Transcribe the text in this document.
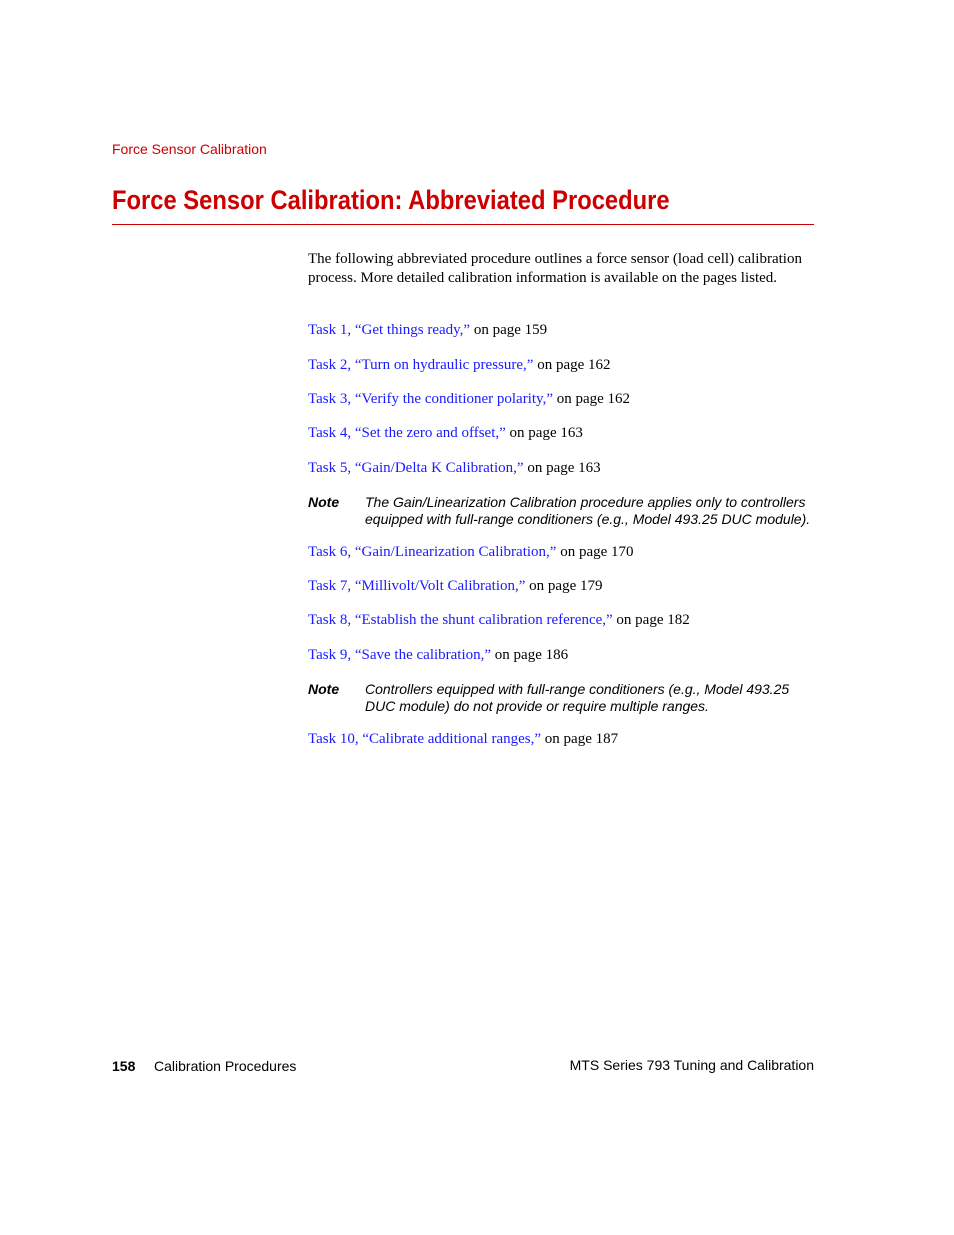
Force Sensor Calibration
Force Sensor Calibration: Abbreviated Procedure

The following abbreviated procedure outlines a force sensor (load cell) calibration process. More detailed calibration information is available on the pages listed.

Task 1, “Get things ready,” on page 159
Task 2, “Turn on hydraulic pressure,” on page 162
Task 3, “Verify the conditioner polarity,” on page 162
Task 4, “Set the zero and offset,” on page 163
Task 5, “Gain/Delta K Calibration,” on page 163
Note The Gain/Linearization Calibration procedure applies only to controllers equipped with full-range conditioners (e.g., Model 493.25 DUC module).
Task 6, “Gain/Linearization Calibration,” on page 170
Task 7, “Millivolt/Volt Calibration,” on page 179
Task 8, “Establish the shunt calibration reference,” on page 182
Task 9, “Save the calibration,” on page 186
Note Controllers equipped with full-range conditioners (e.g., Model 493.25 DUC module) do not provide or require multiple ranges.
Task 10, “Calibrate additional ranges,” on page 187
158 Calibration Procedures	MTS Series 793 Tuning and Calibration
